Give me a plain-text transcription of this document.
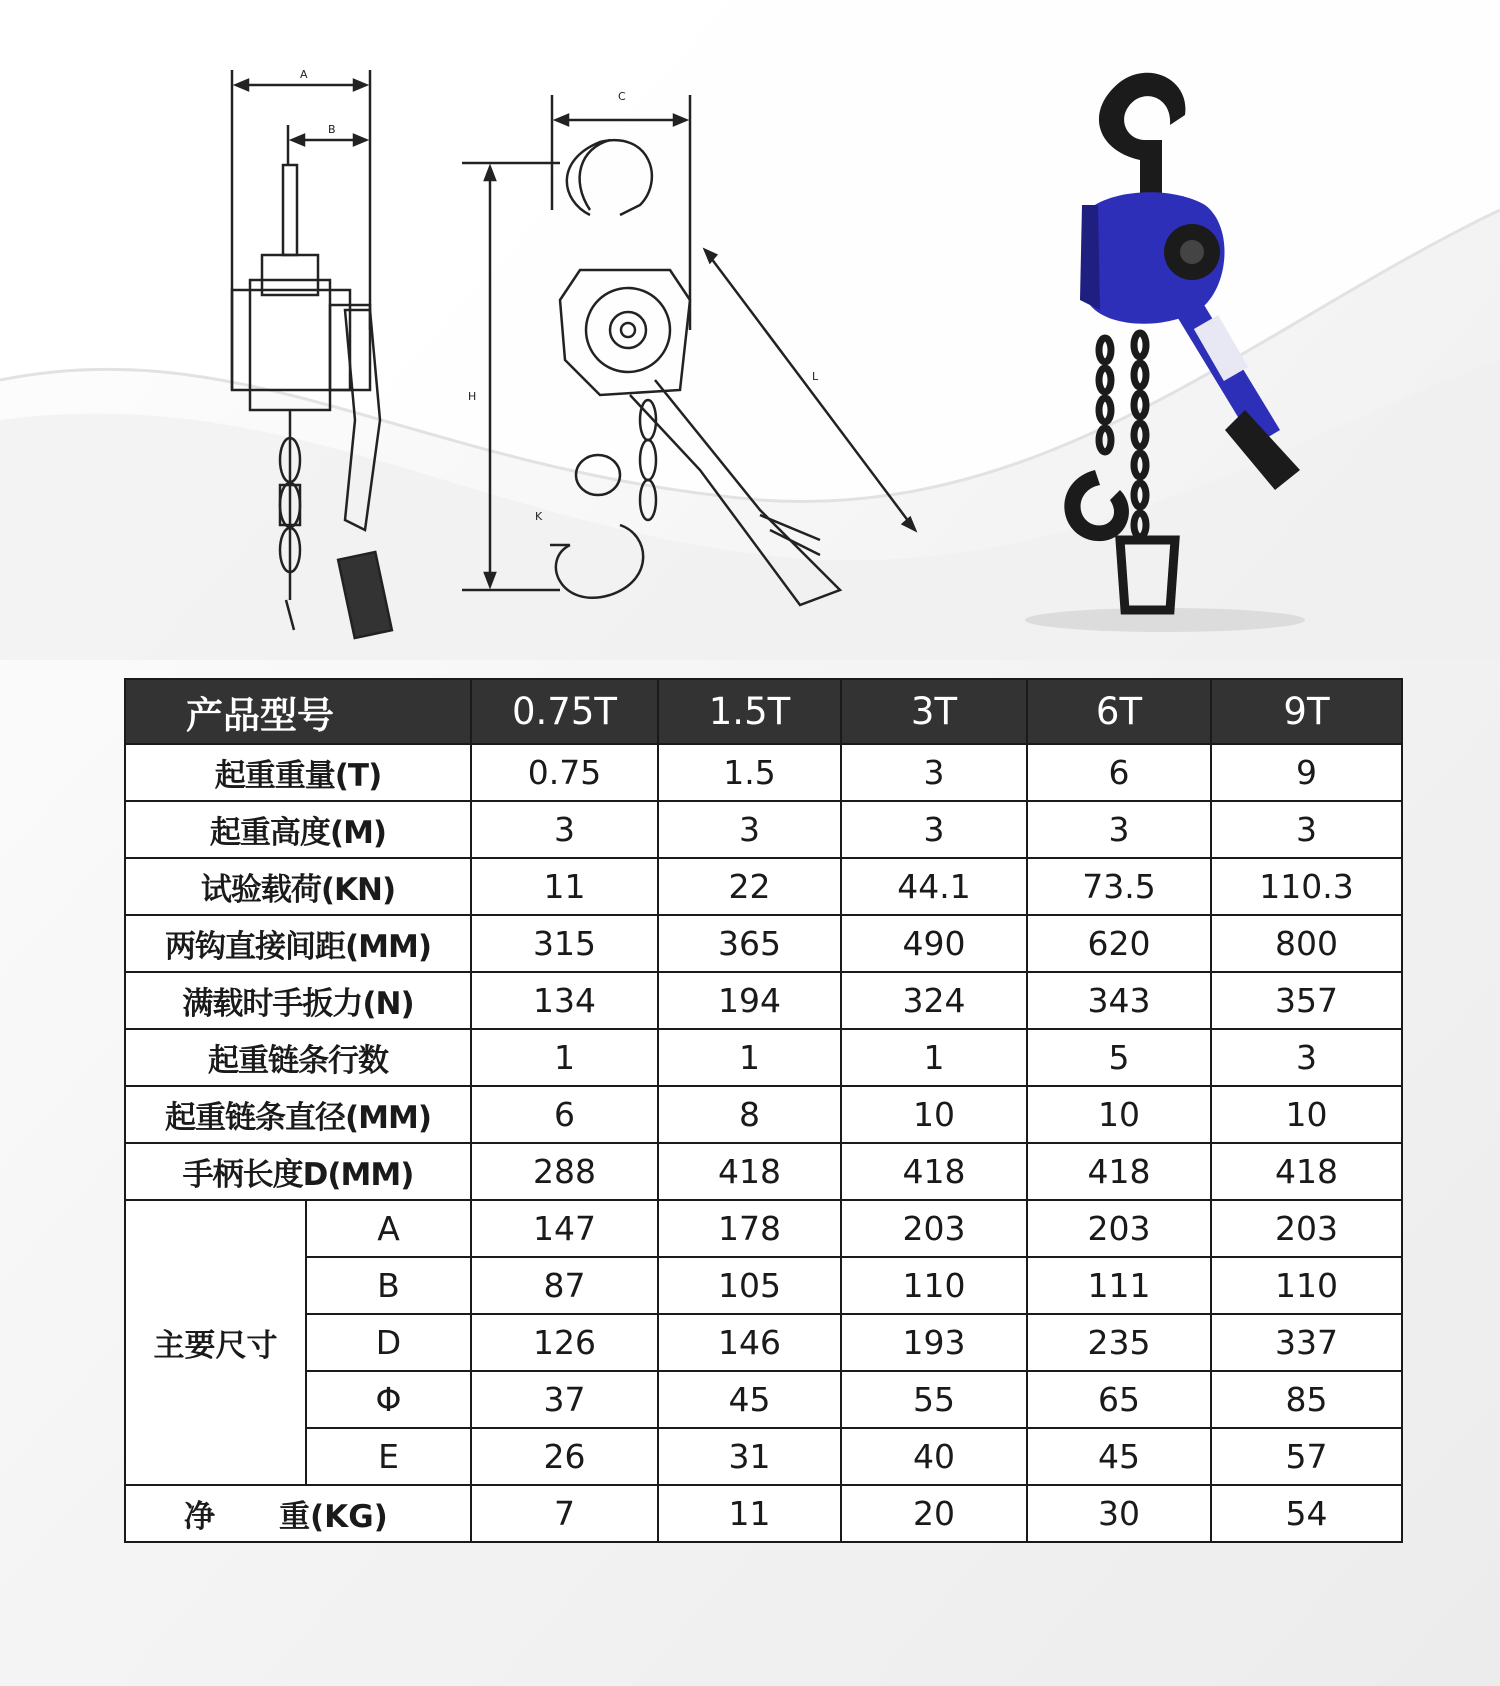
A
B
C
H
K
L
产品型号		0.75T	1.5T	3T	6T	9T
起重重量(T)		0.75	1.5	3	6	9
起重高度(M)		3	3	3	3	3
试验载荷(KN)		11	22	44.1	73.5	110.3
两钩直接间距(MM)		315	365	490	620	800
满载时手扳力(N)		134	194	324	343	357
起重链条行数		1	1	1	5	3
起重链条直径(MM)		6	8	10	10	10
手柄长度D(MM)		288	418	418	418	418
主要尺寸	A	147	178	203	203	203
	B	87	105	110	111	110
	D	126	146	193	235	337
	Φ	37	45	55	65	85
	E	26	31	40	45	57
净 重(KG)		7	11	20	30	54
